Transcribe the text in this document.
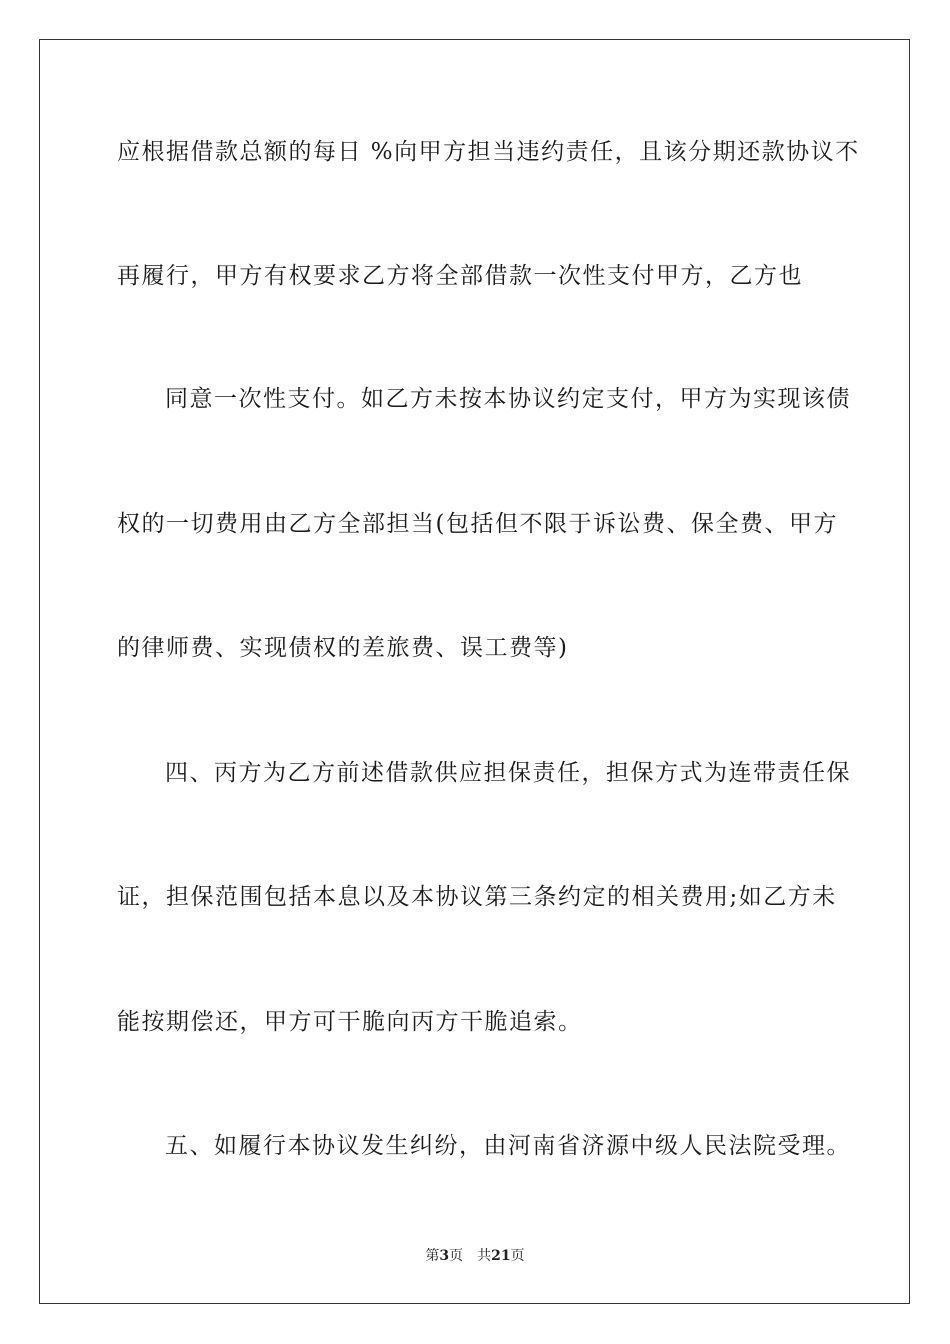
应根据借款总额的每日 %向甲方担当违约责任，且该分期还款协议不
再履行，甲方有权要求乙方将全部借款一次性支付甲方，乙方也
同意一次性支付。如乙方未按本协议约定支付，甲方为实现该债
权的一切费用由乙方全部担当(包括但不限于诉讼费、保全费、甲方
的律师费、实现债权的差旅费、误工费等)
四、丙方为乙方前述借款供应担保责任，担保方式为连带责任保
证，担保范围包括本息以及本协议第三条约定的相关费用;如乙方未
能按期偿还，甲方可干脆向丙方干脆追索。
五、如履行本协议发生纠纷，由河南省济源中级人民法院受理。
第3页 共21页
